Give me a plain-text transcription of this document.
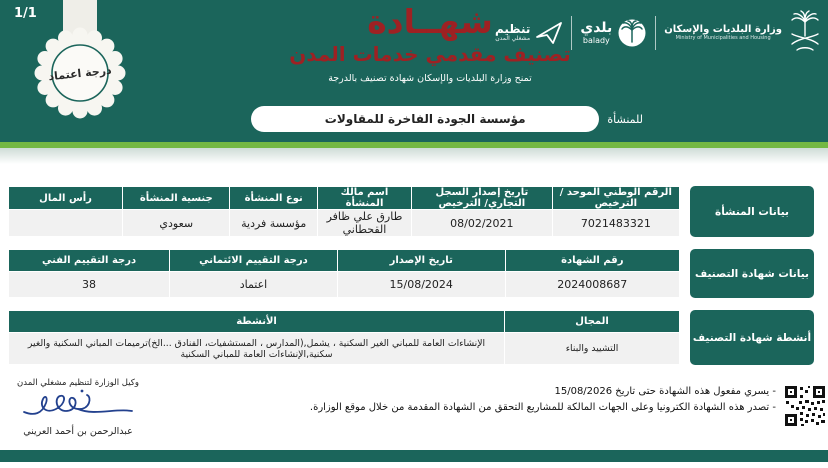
1/1
درجة اعتماد
شهــادة
تصنيف مقدمي خدمات المدن
تمنح وزارة البلديات والإسكان شهادة تصنيف بالدرجة
للمنشأة
مؤسسة الجودة الفاخرة للمقاولات
وزارة البلديات والإسكان
Ministry of Municipalities and Housing
بلدي
balady
تنظيم
مشغلي المدن
بيانات المنشأة
الرقم الوطني الموحد /الترخيص	تاريخ إصدار السجل التجاري/ الترخيص	اسم مالك المنشأة	نوع المنشأة	جنسية المنشأة	رأس المال
7021483321	08/02/2021	طارق علي ظافر القحطاني	مؤسسة فردية	سعودي	
بيانات شهادة التصنيف
رقم الشهادة	تاريخ الإصدار	درجة التقييم الائتماني	درجة التقييم الفني
2024008687	15/08/2024	اعتماد	38
أنشطة شهادة التصنيف
المجال	الأنشطة
التشييد والبناء	الإنشاءات العامة للمباني الغير السكنية ، يشمل,(المدارس ، المستشفيات، الفنادق ...الخ)ترميمات المباني السكنية والغير سكنية,الإنشاءات العامة للمباني السكنية
وكيل الوزارة لتنظيم مشغلي المدن
عبدالرحمن بن أحمد العريني
- يسري مفعول هذه الشهادة حتى تاريخ 15/08/2026
- تصدر هذه الشهادة الكترونيا وعلى الجهات المالكة للمشاريع التحقق من الشهادة المقدمة من خلال موقع الوزارة.
